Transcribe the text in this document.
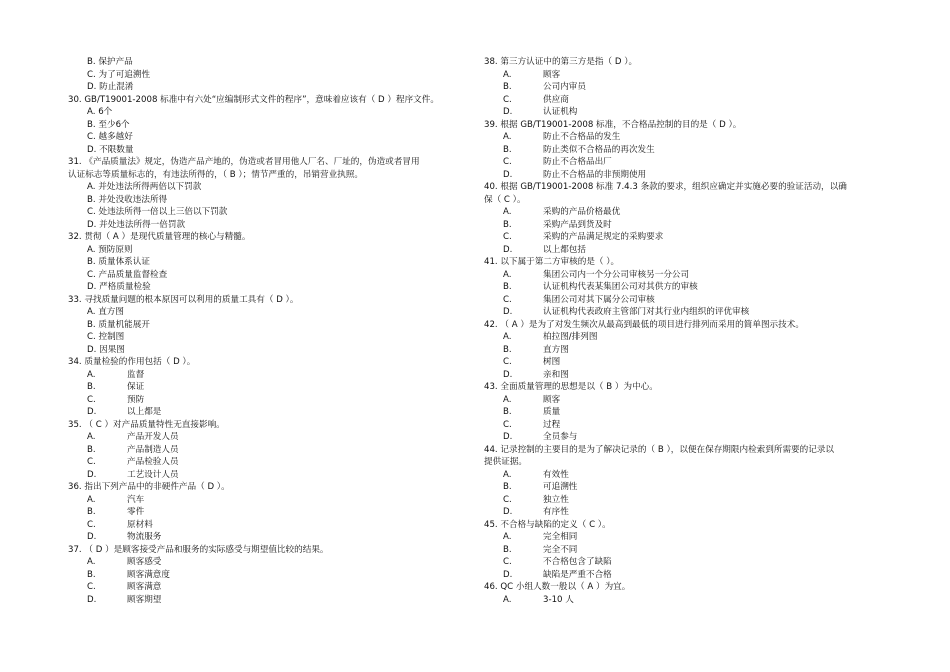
B. 保护产品
C. 为了可追溯性
D. 防止混淆
30. GB/T19001-2008 标准中有六处“应编制形式文件的程序”，意味着应该有（ D ）程序文件。
A. 6个
B. 至少6个
C. 越多越好
D. 不限数量
31. 《产品质量法》规定，伪造产品产地的，伪造或者冒用他人厂名、厂址的，伪造或者冒用
认证标志等质量标志的，有违法所得的，（ B ）；情节严重的，吊销营业执照。
A. 并处违法所得两倍以下罚款
B. 并处没收违法所得
C. 处违法所得一倍以上三倍以下罚款
D. 并处违法所得一倍罚款
32. 贯彻（ A ）是现代质量管理的核心与精髓。
A. 预防原则
B. 质量体系认证
C. 产品质量监督检查
D. 严格质量检验
33. 寻找质量问题的根本原因可以利用的质量工具有（ D ）。
A. 直方图
B. 质量机能展开
C. 控制图
D. 因果图
34. 质量检验的作用包括（ D ）。
A.	监督
B.	保证
C.	预防
D.	以上都是
35. （ C ）对产品质量特性无直接影响。
A.	产品开发人员
B.	产品制造人员
C.	产品检验人员
D.	工艺设计人员
36. 指出下列产品中的非硬件产品（ D ）。
A.	汽车
B.	零件
C.	原材料
D.	物流服务
37. （ D ）是顾客接受产品和服务的实际感受与期望值比较的结果。
A.	顾客感受
B.	顾客满意度
C.	顾客满意
D.	顾客期望
38. 第三方认证中的第三方是指（ D ）。
A.	顾客
B.	公司内审员
C.	供应商
D.	认证机构
39. 根据 GB/T19001-2008 标准，不合格品控制的目的是（ D ）。
A.	防止不合格品的发生
B.	防止类似不合格品的再次发生
C.	防止不合格品出厂
D.	防止不合格品的非预期使用
40. 根据 GB/T19001-2008 标准 7.4.3 条款的要求，组织应确定并实施必要的验证活动，以确
保（ C ）。
A.	采购的产品价格最优
B.	采购产品到货及时
C.	采购的产品满足规定的采购要求
D.	以上都包括
41. 以下属于第二方审核的是（ ）。
A.	集团公司内一个分公司审核另一分公司
B.	认证机构代表某集团公司对其供方的审核
C.	集团公司对其下属分公司审核
D.	认证机构代表政府主管部门对其行业内组织的评优审核
42. （ A ）是为了对发生频次从最高到最低的项目进行排列而采用的简单图示技术。
A.	柏拉图/排列图
B.	直方图
C.	树图
D.	亲和图
43. 全面质量管理的思想是以（ B ）为中心。
A.	顾客
B.	质量
C.	过程
D.	全员参与
44. 记录控制的主要目的是为了解决记录的（ B ），以便在保存期限内检索到所需要的记录以
提供证据。
A.	有效性
B.	可追溯性
C.	独立性
D.	有序性
45. 不合格与缺陷的定义（ C ）。
A.	完全相同
B.	完全不同
C.	不合格包含了缺陷
D.	缺陷是严重不合格
46. QC 小组人数一般以（ A ）为宜。
A.	3-10 人
